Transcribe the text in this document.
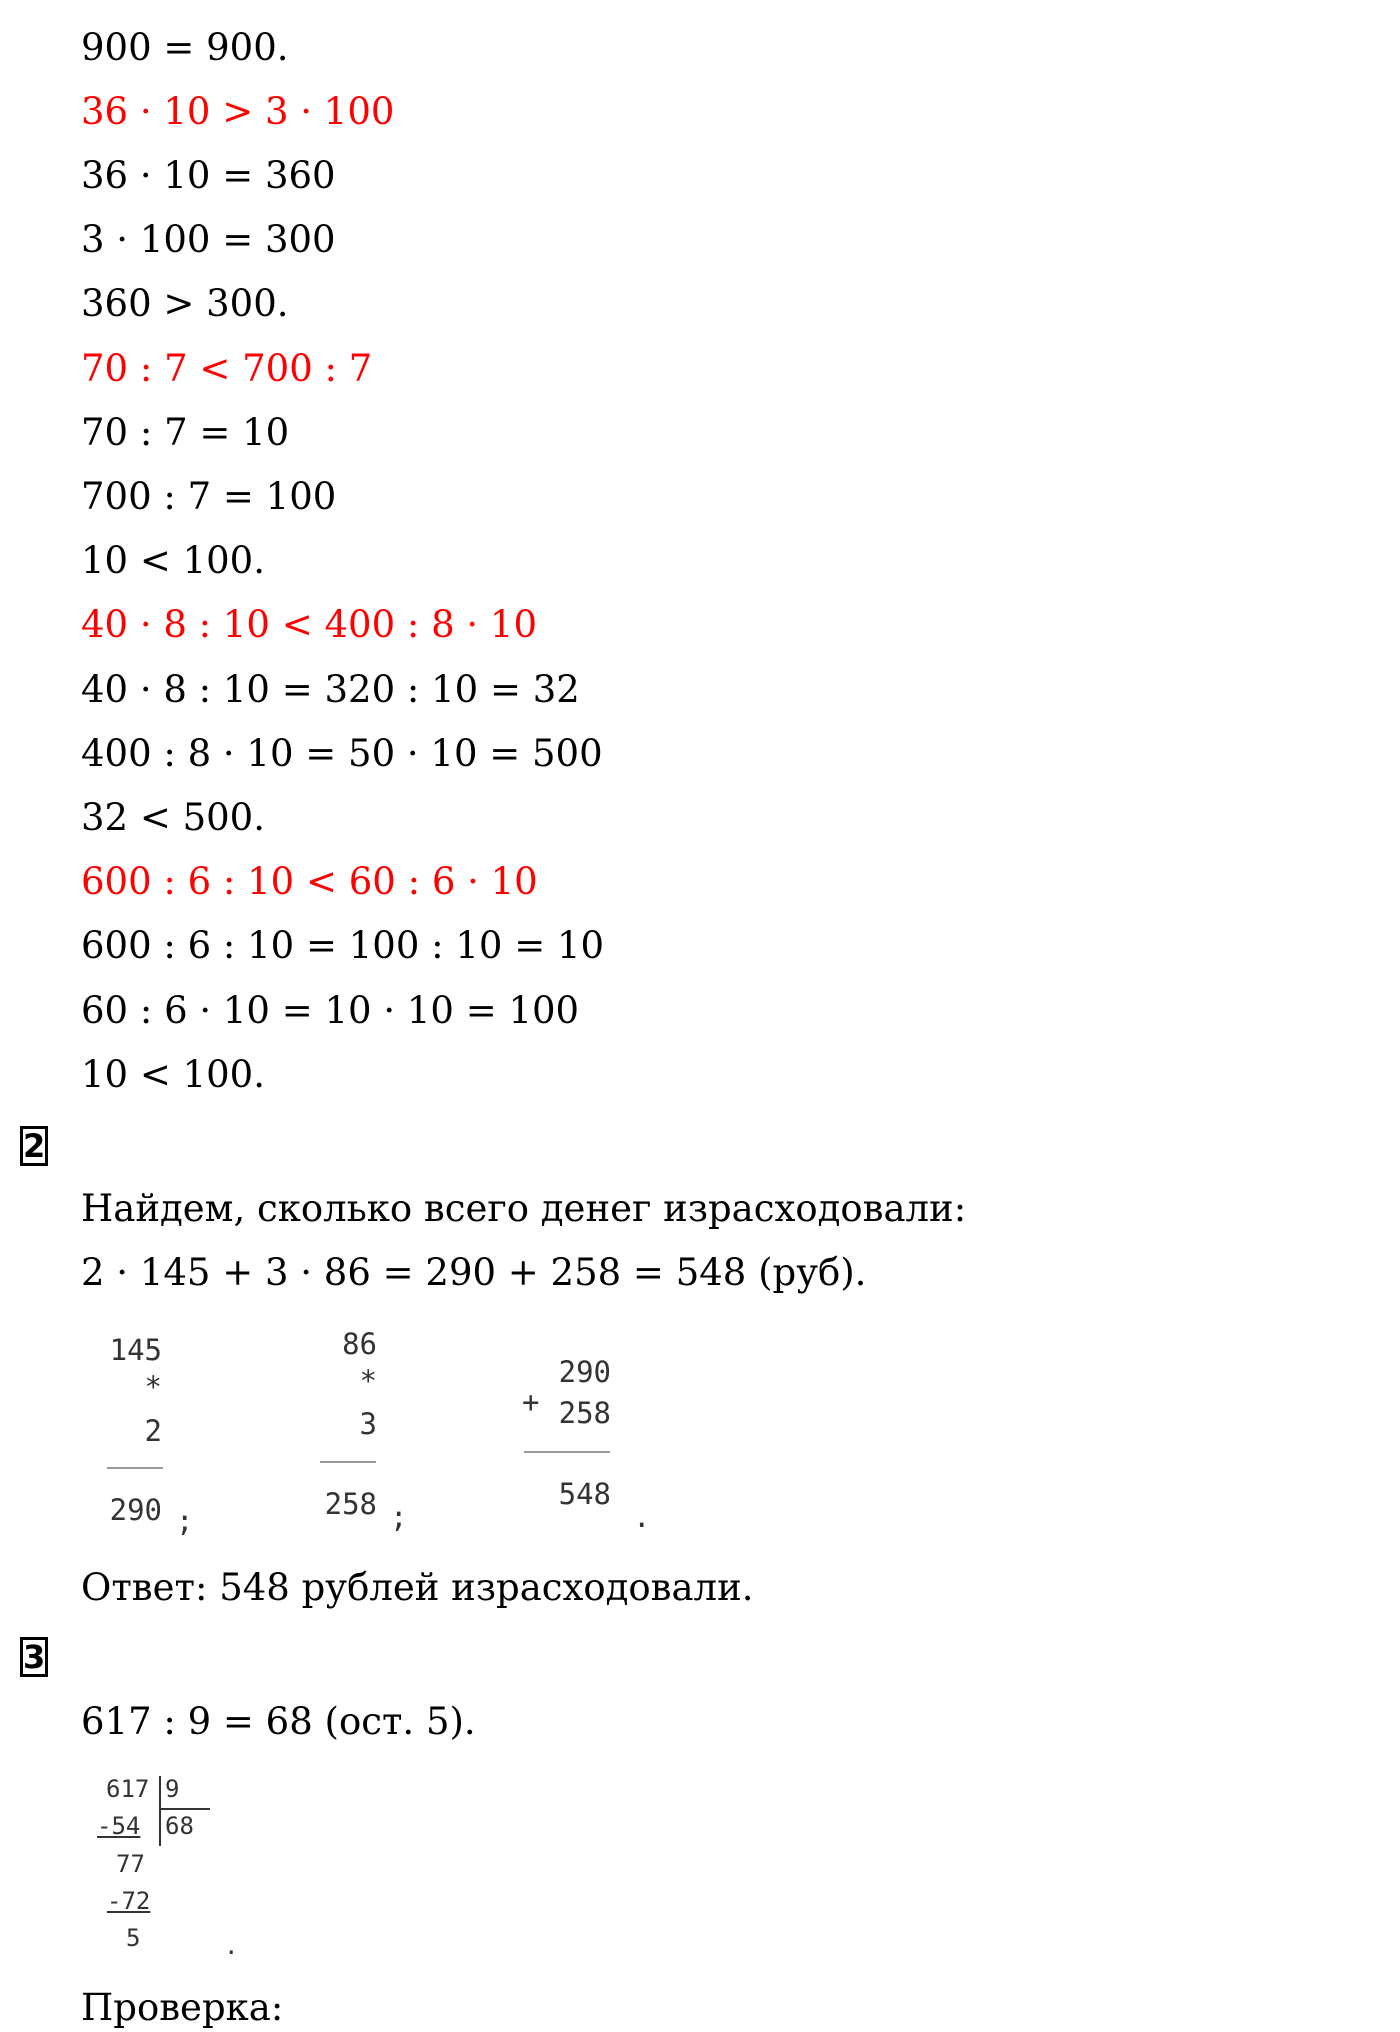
900 = 900.

36 · 10 > 3 · 100

36 · 10 = 360

3 · 100 = 300

360 > 300.

70 : 7 < 700 : 7

70 : 7 = 10

700 : 7 = 100

10 < 100.

40 · 8 : 10 < 400 : 8 · 10

40 · 8 : 10 = 320 : 10 = 32

400 : 8 · 10 = 50 · 10 = 500

32 < 500.

600 : 6 : 10 < 60 : 6 · 10

600 : 6 : 10 = 100 : 10 = 10

60 : 6 · 10 = 10 · 10 = 100

10 < 100.

2

Найдем, сколько всего денег израсходовали:

2 · 145 + 3 · 86 = 290 + 258 = 548 (руб).

145
*
2
290 ;
86
*
3
258 ;
+
290
258
548
.

Ответ: 548 рублей израсходовали.

3

617 : 9 = 68 (ост. 5).

617 9
68
-54
77
-72
5	.

Проверка:
